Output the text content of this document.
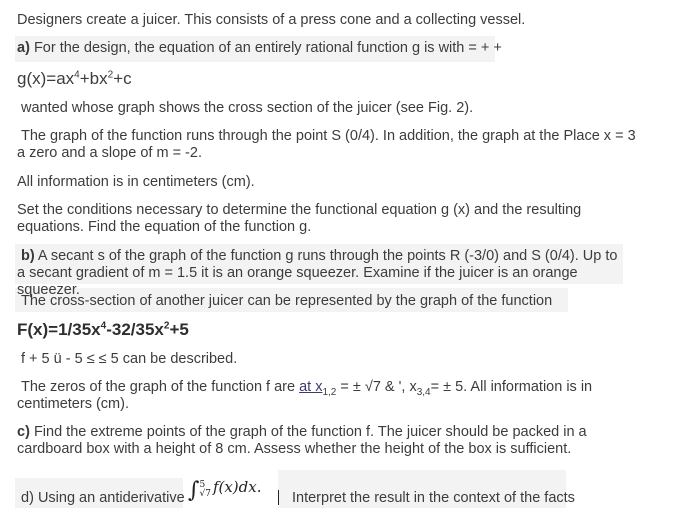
Designers create a juicer. This consists of a press cone and a collecting vessel.
a) For the design, the equation of an entirely rational function g is with = + +
$g(x)=ax^4+bx^2+c$
wanted whose graph shows the cross section of the juicer (see Fig. 2).
The graph of the function runs through the point S (0/4). In addition, the graph at the Place x = 3 a zero and a slope of m = -2.
All information is in centimeters (cm).
Set the conditions necessary to determine the functional equation g (x) and the resulting equations. Find the equation of the function g.
b) A secant s of the graph of the function g runs through the points R (-3/0) and S (0/4). Up to a secant gradient of m = 1.5 it is an orange squeezer. Examine if the juicer is an orange squeezer.
The cross-section of another juicer can be represented by the graph of the function
$F(x)=1/35x^4-32/35x^2+5$
f + 5 ü - 5 ≤ ≤ 5 can be described.
The zeros of the graph of the function f are at $x_{1,2}$ = ± √7 & ', $x_{3,4}= \pm 5$. All information is in
centimeters (cm).
c) Find the extreme points of the graph of the function f. The juicer should be packed in a cardboard box with a height of 8 cm. Assess whether the height of the box is sufficient.
d) Using an antiderivative ∫5
√7 f(x)dx.
Interpret the result in the context of the facts
